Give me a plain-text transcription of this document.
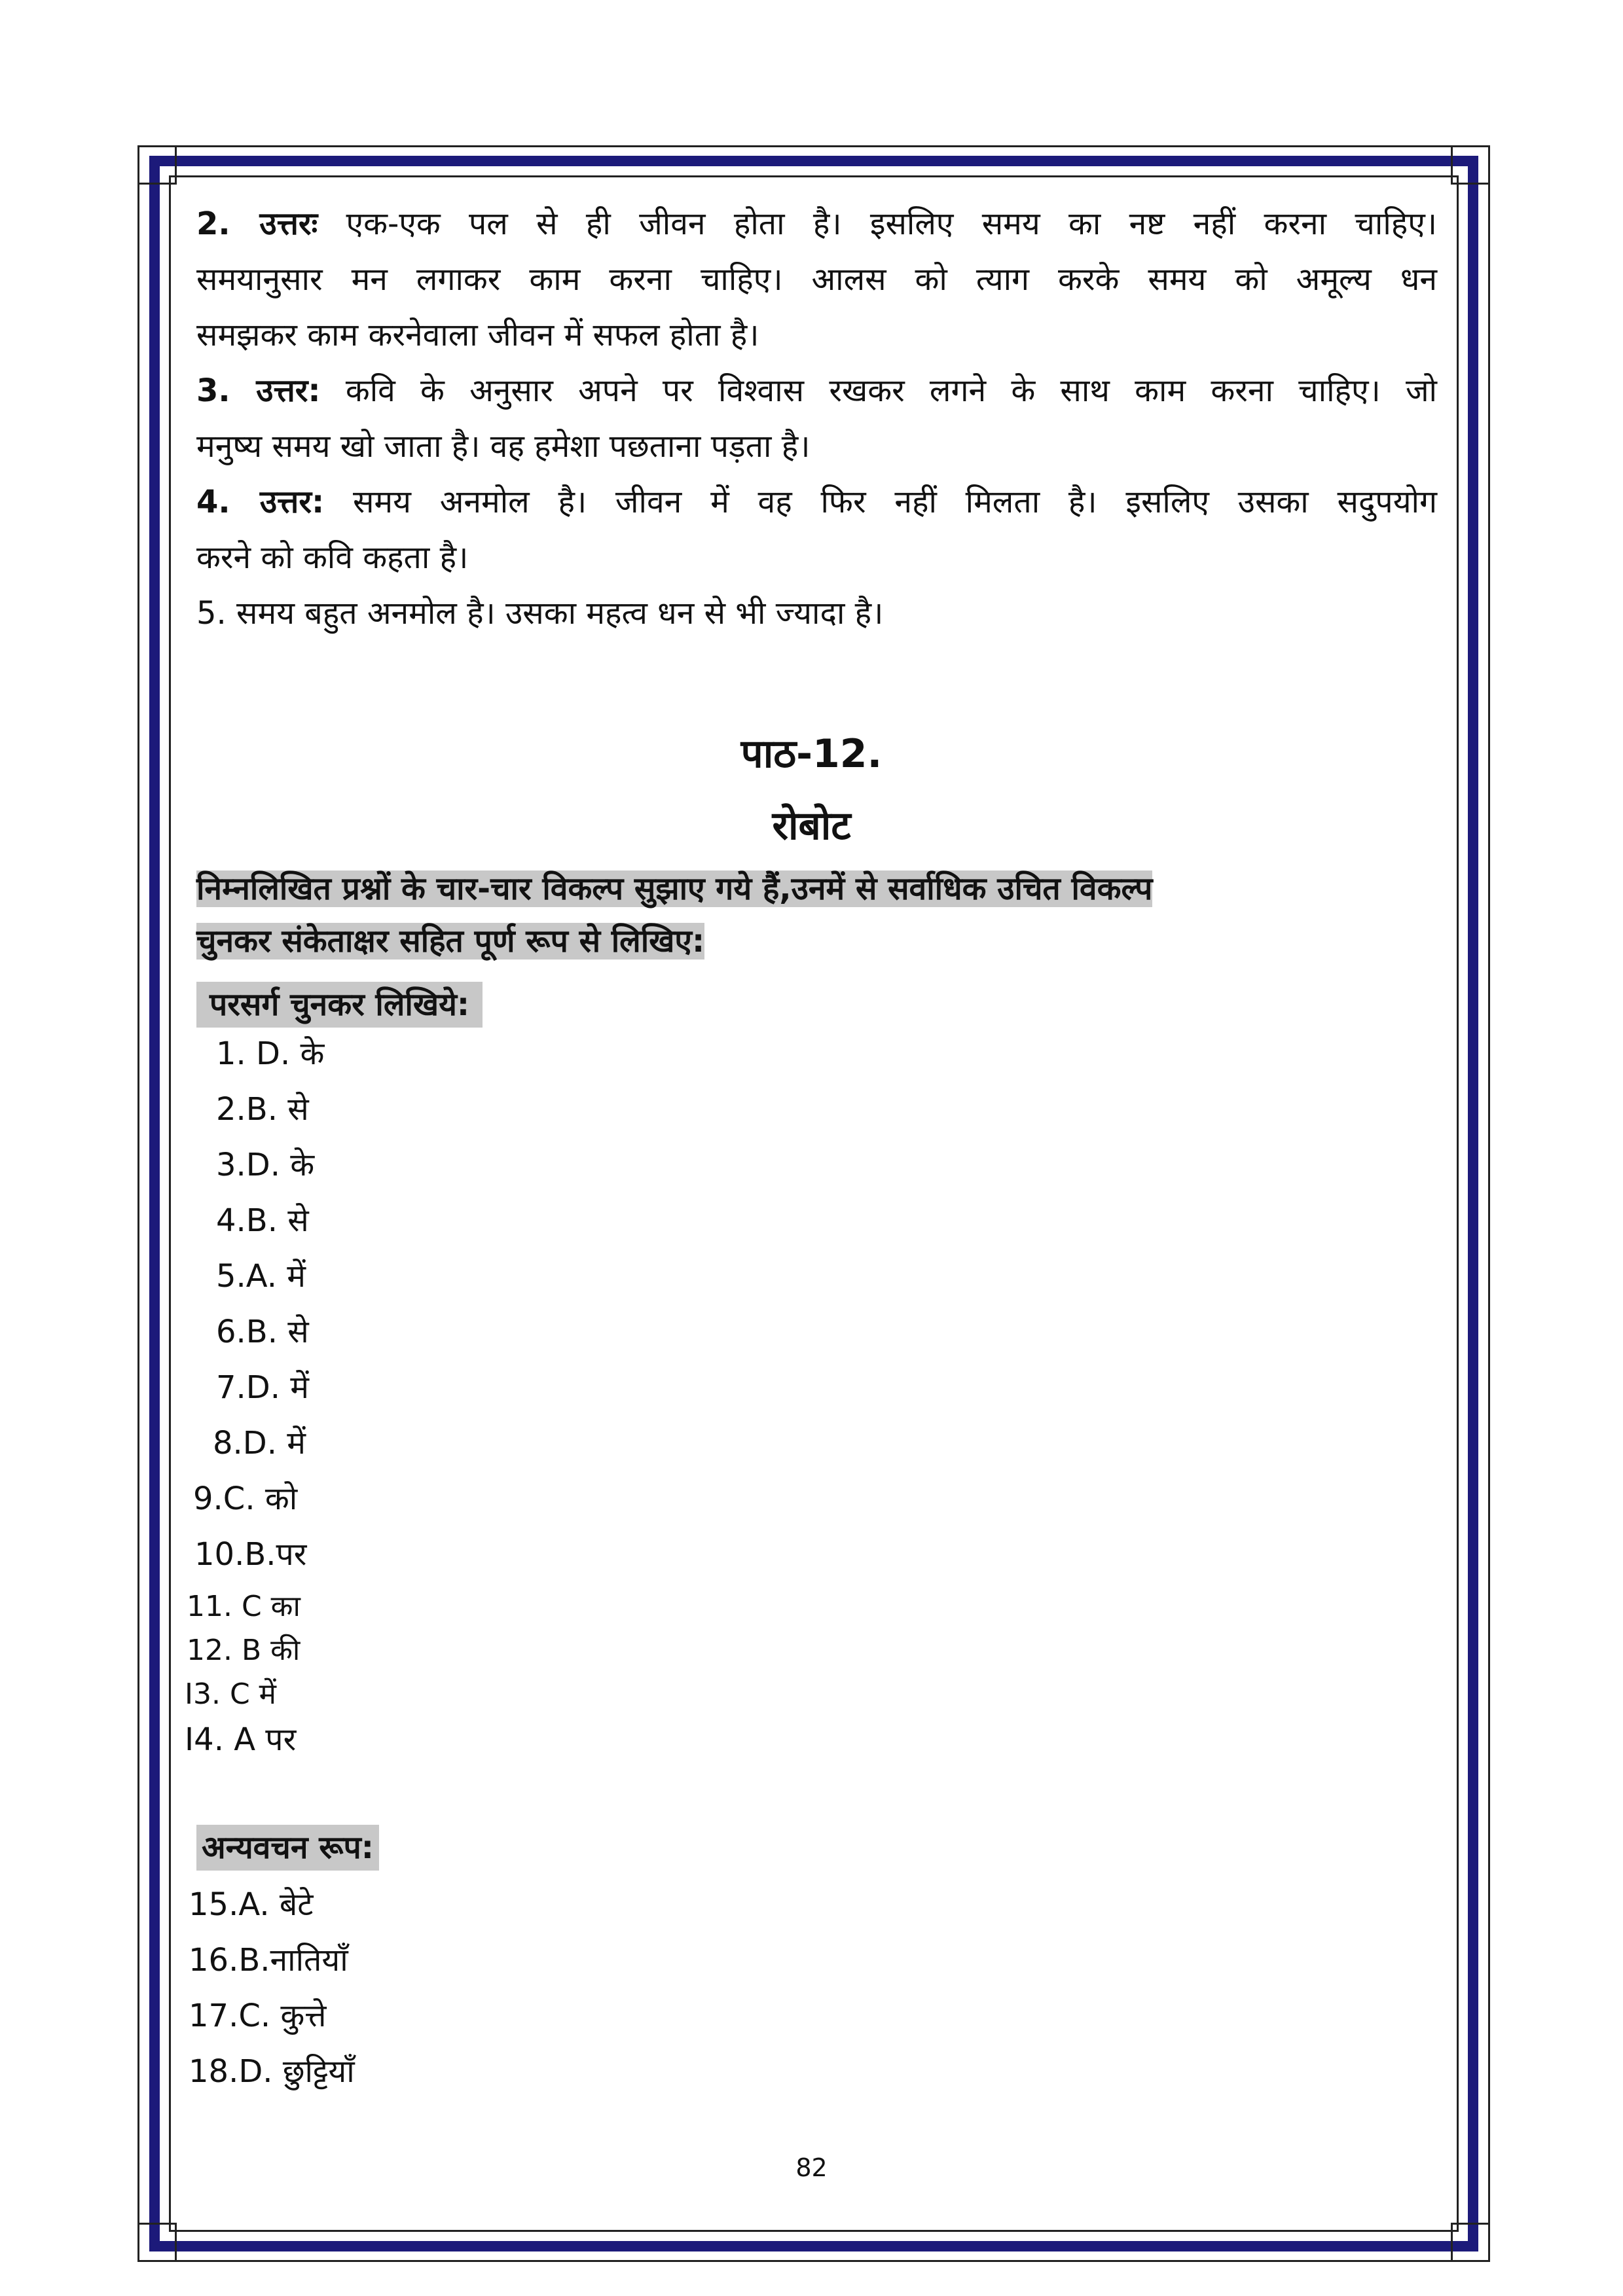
2. उत्तरः एक-एक पल से ही जीवन होता है। इसलिए समय का नष्ट नहीं करना चाहिए।
समयानुसार मन लगाकर काम करना चाहिए। आलस को त्याग करके समय को अमूल्य धन
समझकर काम करनेवाला जीवन में सफल होता है।
3. उत्तर: कवि के अनुसार अपने पर विश्वास रखकर लगने के साथ काम करना चाहिए। जो
मनुष्य समय खो जाता है। वह हमेशा पछताना पड़ता है।
4. उत्तर: समय अनमोल है। जीवन में वह फिर नहीं मिलता है। इसलिए उसका सदुपयोग
करने को कवि कहता है।
5. समय बहुत अनमोल है। उसका महत्व धन से भी ज्यादा है।
पाठ-12.
रोबोट
निम्नलिखित प्रश्नों के चार-चार विकल्प सुझाए गये हैं,उनमें से सर्वाधिक उचित विकल्प
चुनकर संकेताक्षर सहित पूर्ण रूप से लिखिए:
परसर्ग चुनकर लिखिये:
1. D. के
2.B. से
3.D. के
4.B. से
5.A. में
6.B. से
7.D. में
8.D. में
9.C. को
10.B.पर
11. C का
12. B की
I3. C में
I4. A पर
अन्यवचन रूप:
15.A. बेटे
16.B.नातियाँ
17.C. कुत्ते
18.D. छुट्टियाँ
82
